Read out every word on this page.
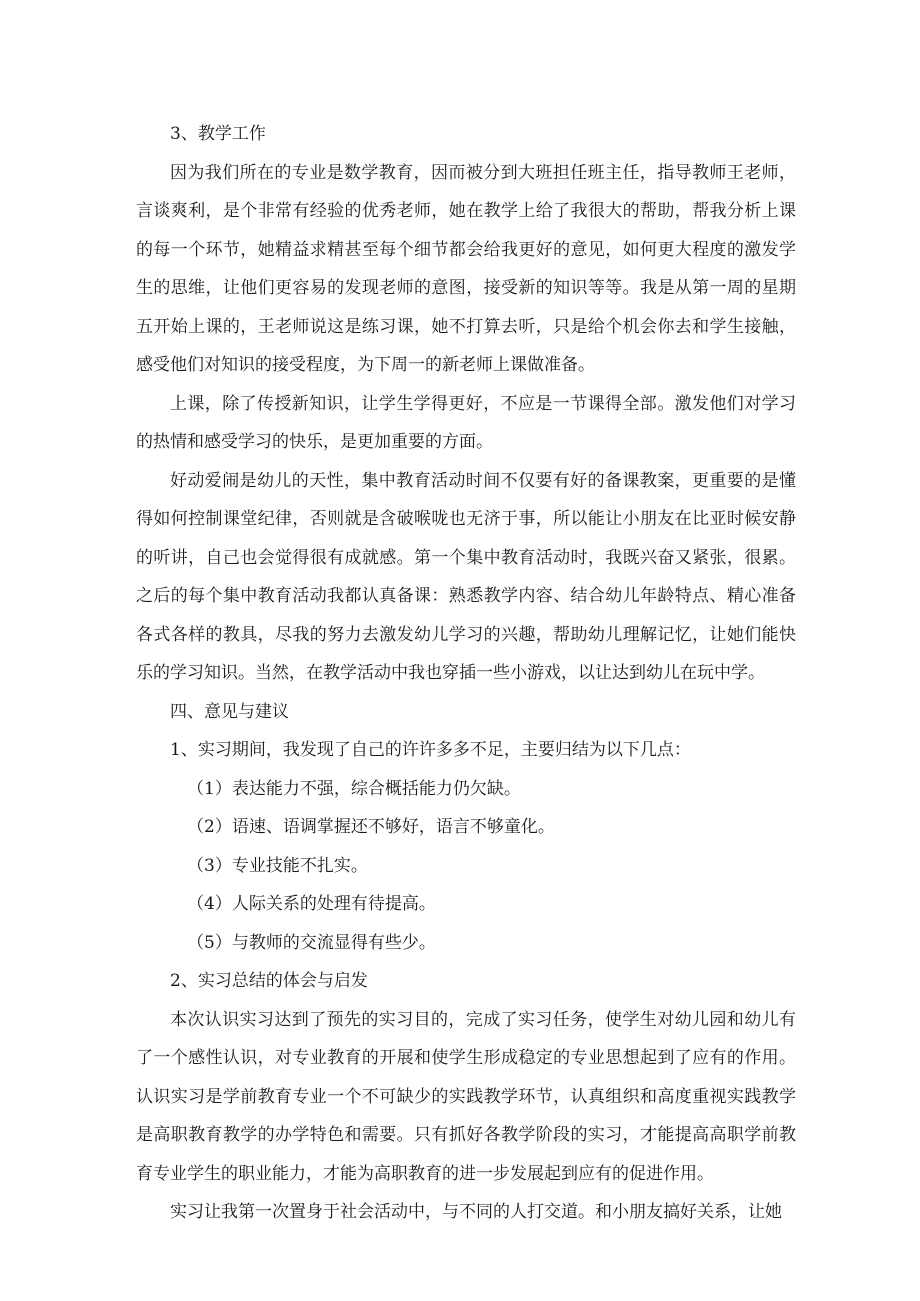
3、教学工作

因为我们所在的专业是数学教育，因而被分到大班担任班主任，指导教师王老师，言谈爽利，是个非常有经验的优秀老师，她在教学上给了我很大的帮助，帮我分析上课的每一个环节，她精益求精甚至每个细节都会给我更好的意见，如何更大程度的激发学生的思维，让他们更容易的发现老师的意图，接受新的知识等等。我是从第一周的星期五开始上课的，王老师说这是练习课，她不打算去听，只是给个机会你去和学生接触，感受他们对知识的接受程度，为下周一的新老师上课做准备。

上课，除了传授新知识，让学生学得更好，不应是一节课得全部。激发他们对学习的热情和感受学习的快乐，是更加重要的方面。

好动爱闹是幼儿的天性，集中教育活动时间不仅要有好的备课教案，更重要的是懂得如何控制课堂纪律，否则就是含破喉咙也无济于事，所以能让小朋友在比亚时候安静的听讲，自己也会觉得很有成就感。第一个集中教育活动时，我既兴奋又紧张，很累。之后的每个集中教育活动我都认真备课：熟悉教学内容、结合幼儿年龄特点、精心准备各式各样的教具，尽我的努力去激发幼儿学习的兴趣，帮助幼儿理解记忆，让她们能快乐的学习知识。当然，在教学活动中我也穿插一些小游戏，以让达到幼儿在玩中学。

四、意见与建议

1、实习期间，我发现了自己的许许多多不足，主要归结为以下几点：

（1）表达能力不强，综合概括能力仍欠缺。

（2）语速、语调掌握还不够好，语言不够童化。

（3）专业技能不扎实。

（4）人际关系的处理有待提高。

（5）与教师的交流显得有些少。

2、实习总结的体会与启发

本次认识实习达到了预先的实习目的，完成了实习任务，使学生对幼儿园和幼儿有了一个感性认识，对专业教育的开展和使学生形成稳定的专业思想起到了应有的作用。认识实习是学前教育专业一个不可缺少的实践教学环节，认真组织和高度重视实践教学是高职教育教学的办学特色和需要。只有抓好各教学阶段的实习，才能提高高职学前教育专业学生的职业能力，才能为高职教育的进一步发展起到应有的促进作用。

实习让我第一次置身于社会活动中，与不同的人打交道。和小朋友搞好关系，让她
